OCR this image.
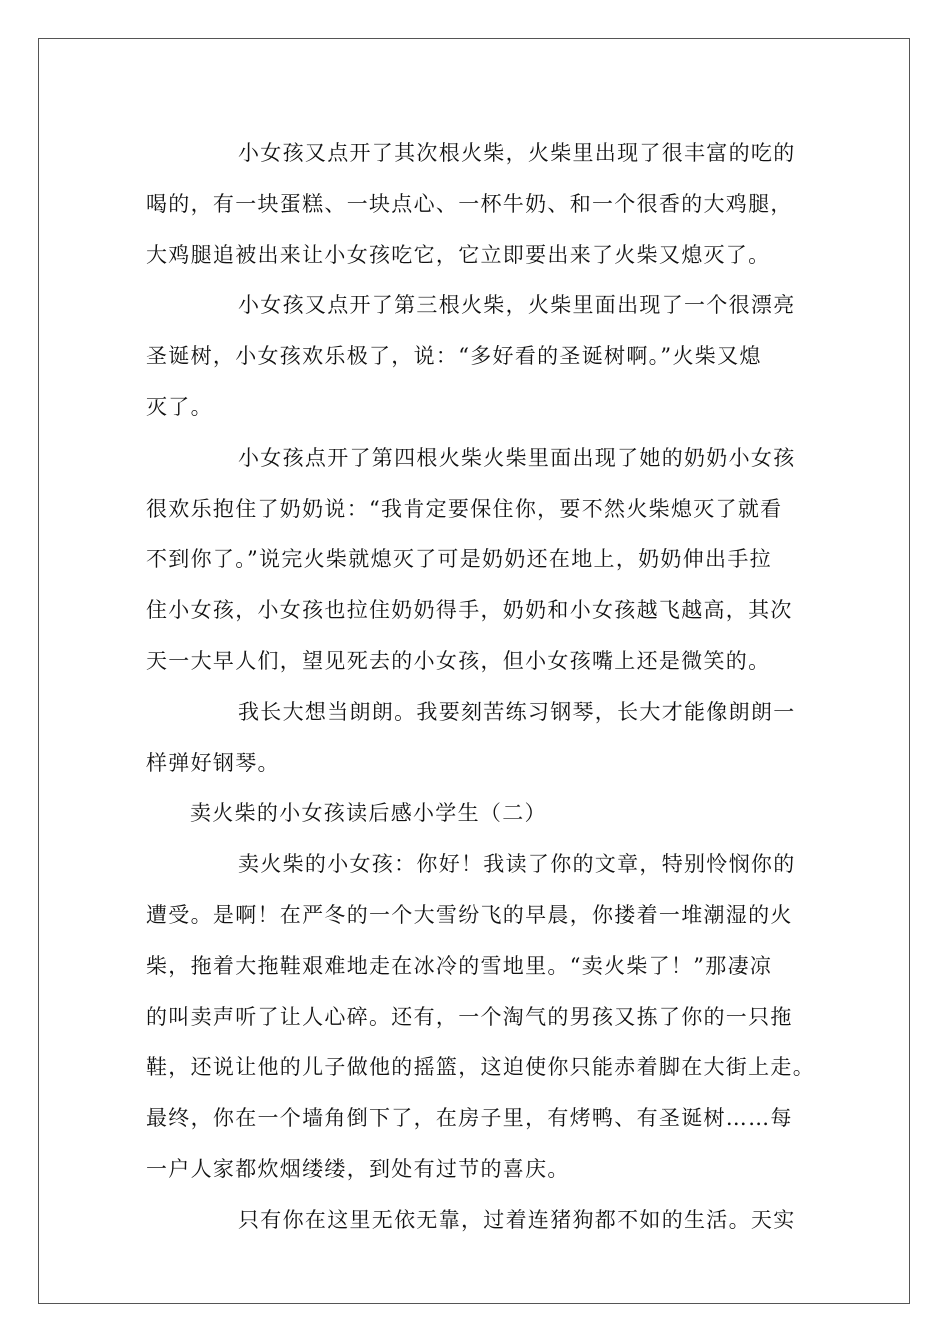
小女孩又点开了其次根火柴，火柴里出现了很丰富的吃的
喝的，有一块蛋糕、一块点心、一杯牛奶、和一个很香的大鸡腿，
大鸡腿追被出来让小女孩吃它，它立即要出来了火柴又熄灭了。
小女孩又点开了第三根火柴，火柴里面出现了一个很漂亮
圣诞树，小女孩欢乐极了，说：“多好看的圣诞树啊。”火柴又熄
灭了。
小女孩点开了第四根火柴火柴里面出现了她的奶奶小女孩
很欢乐抱住了奶奶说：“我肯定要保住你，要不然火柴熄灭了就看
不到你了。”说完火柴就熄灭了可是奶奶还在地上，奶奶伸出手拉
住小女孩，小女孩也拉住奶奶得手，奶奶和小女孩越飞越高，其次
天一大早人们，望见死去的小女孩，但小女孩嘴上还是微笑的。
我长大想当朗朗。我要刻苦练习钢琴，长大才能像朗朗一
样弹好钢琴。
卖火柴的小女孩读后感小学生（二）
卖火柴的小女孩：你好！我读了你的文章，特别怜悯你的
遭受。是啊！在严冬的一个大雪纷飞的早晨，你搂着一堆潮湿的火
柴，拖着大拖鞋艰难地走在冰冷的雪地里。“卖火柴了！”那凄凉
的叫卖声听了让人心碎。还有，一个淘气的男孩又拣了你的一只拖
鞋，还说让他的儿子做他的摇篮，这迫使你只能赤着脚在大街上走。
最终，你在一个墙角倒下了，在房子里，有烤鸭、有圣诞树……每
一户人家都炊烟缕缕，到处有过节的喜庆。
只有你在这里无依无靠，过着连猪狗都不如的生活。天实
